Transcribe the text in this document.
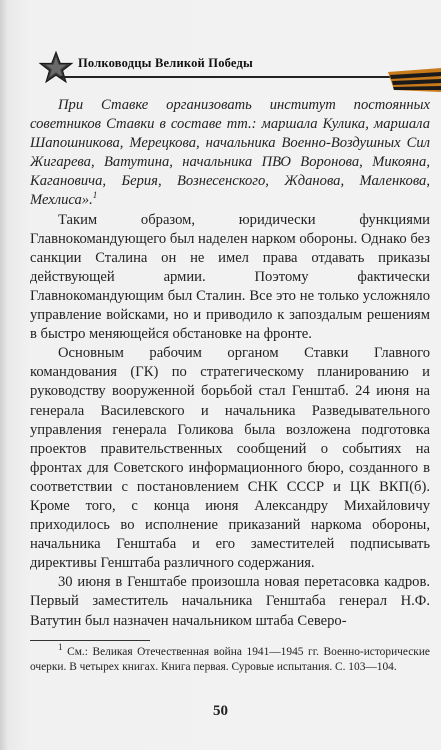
Полководцы Великой Победы

При Ставке организовать институт постоянных советников Ставки в составе тт.: маршала Кулика, маршала Шапошникова, Мерецкова, начальника Военно-Воздушных Сил Жигарева, Ватутина, начальника ПВО Воронова, Микояна, Кагановича, Берия, Вознесенского, Жданова, Маленкова, Мехлиса».$^1$

Таким образом, юридически функциями Главнокомандующего был наделен нарком обороны. Однако без санкции Сталина он не имел права отдавать приказы действующей армии. Поэтому фактически Главнокомандующим был Сталин. Все это не только усложняло управление войсками, но и приводило к запоздалым решениям в быстро меняющейся обстановке на фронте.

Основным рабочим органом Ставки Главного командования (ГК) по стратегическому планированию и руководству вооруженной борьбой стал Генштаб. 24 июня на генерала Василевского и начальника Разведывательного управления генерала Голикова была возложена подготовка проектов правительственных сообщений о событиях на фронтах для Советского информационного бюро, созданного в соответствии с постановлением СНК СССР и ЦК ВКП(б). Кроме того, с конца июня Александру Михайловичу приходилось во исполнение приказаний наркома обороны, начальника Генштаба и его заместителей подписывать директивы Генштаба различного содержания.

30 июня в Генштабе произошла новая перетасовка кадров. Первый заместитель начальника Генштаба генерал Н.Ф. Ватутин был назначен начальником штаба Северо-

$^1$ См.: Великая Отечественная война 1941—1945 гг. Военно-исторические очерки. В четырех книгах. Книга первая. Суровые испытания. С. 103—104.

50
